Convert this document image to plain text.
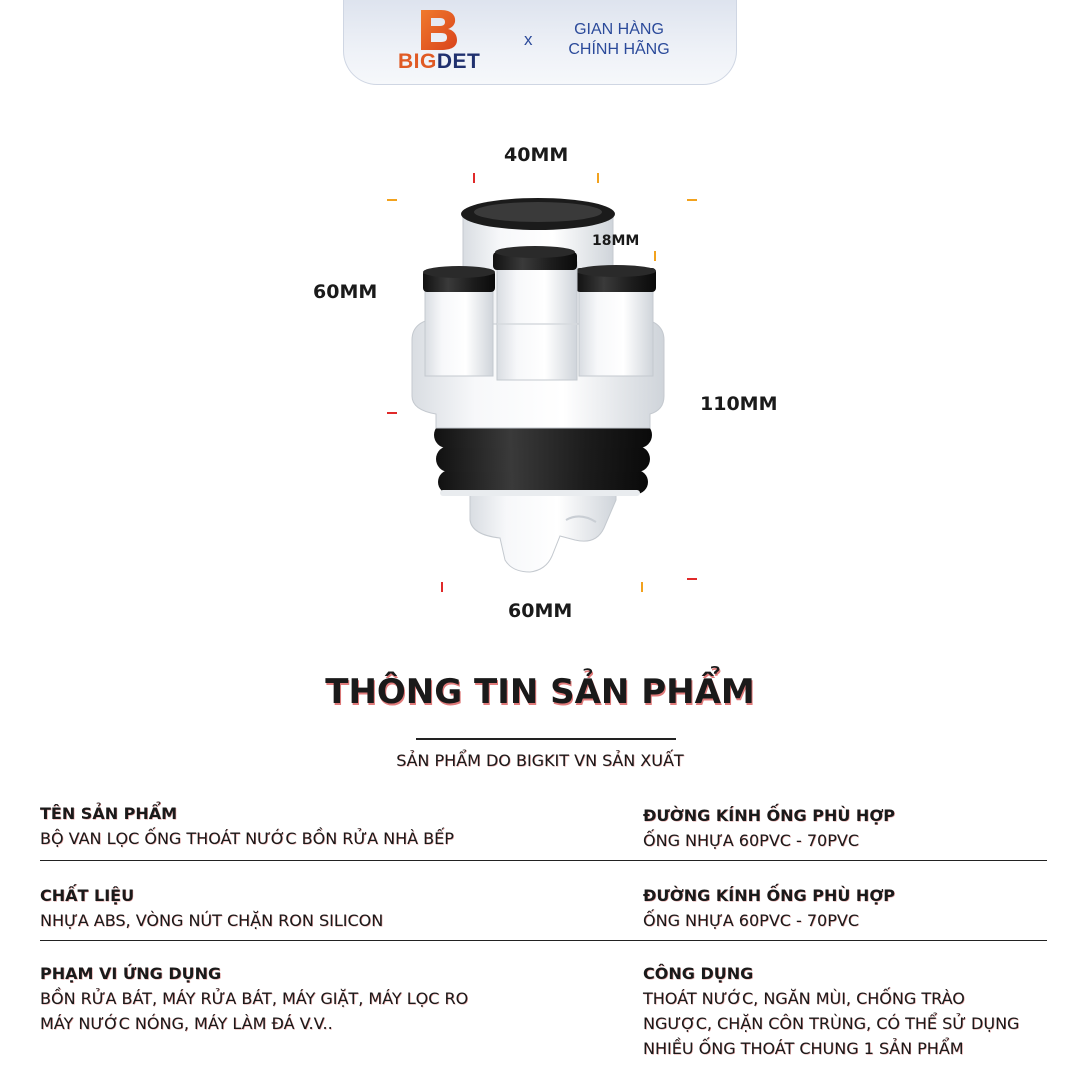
BIGDET
x
GIAN HÀNG
CHÍNH HÃNG
40MM
18MM
60MM
110MM
60MM
THÔNG TIN SẢN PHẨM
SẢN PHẨM DO BIGKIT VN SẢN XUẤT
TÊN SẢN PHẨM
BỘ VAN LỌC ỐNG THOÁT NƯỚC BỒN RỬA NHÀ BẾP
ĐƯỜNG KÍNH ỐNG PHÙ HỢP
ỐNG NHỰA 60PVC - 70PVC
CHẤT LIỆU
NHỰA ABS, VÒNG NÚT CHẶN RON SILICON
ĐƯỜNG KÍNH ỐNG PHÙ HỢP
ỐNG NHỰA 60PVC - 70PVC
PHẠM VI ỨNG DỤNG
BỒN RỬA BÁT, MÁY RỬA BÁT, MÁY GIẶT, MÁY LỌC RO
MÁY NƯỚC NÓNG, MÁY LÀM ĐÁ V.V..
CÔNG DỤNG
THOÁT NƯỚC, NGĂN MÙI, CHỐNG TRÀO
NGƯỢC, CHẶN CÔN TRÙNG, CÓ THỂ SỬ DỤNG
NHIỀU ỐNG THOÁT CHUNG 1 SẢN PHẨM
